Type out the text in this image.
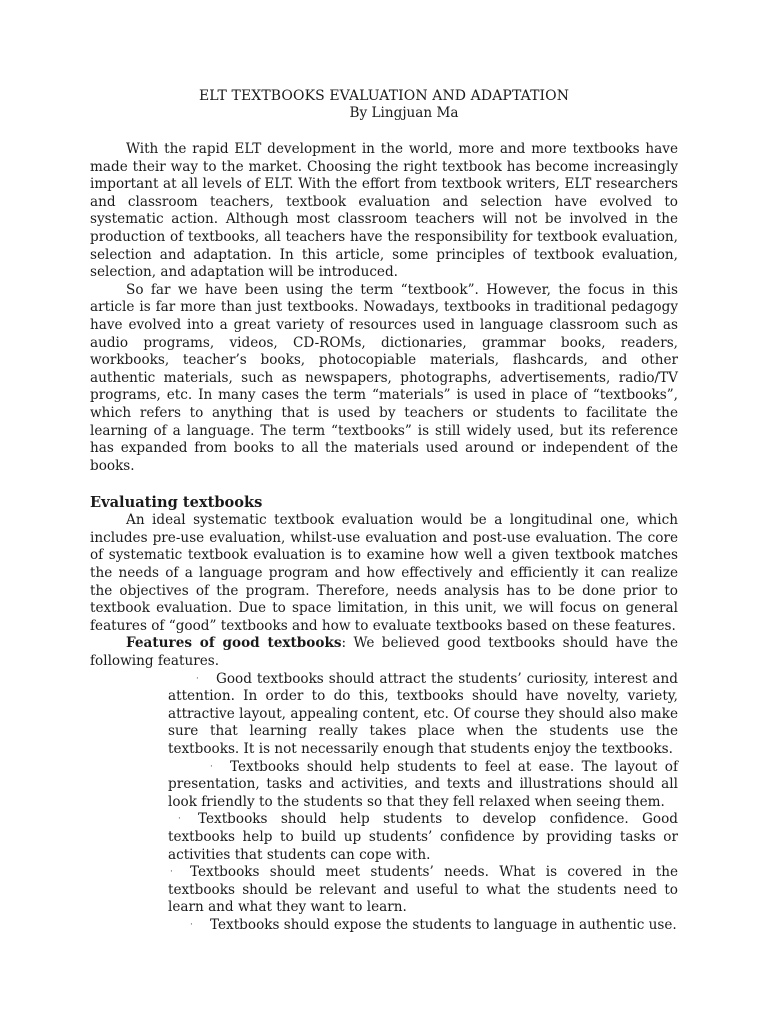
ELT TEXTBOOKS EVALUATION AND ADAPTATION

By Lingjuan Ma

With the rapid ELT development in the world, more and more textbooks have made their way to the market. Choosing the right textbook has become increasingly important at all levels of ELT. With the effort from textbook writers, ELT researchers and classroom teachers, textbook evaluation and selection have evolved to systematic action. Although most classroom teachers will not be involved in the production of textbooks, all teachers have the responsibility for textbook evaluation, selection and adaptation. In this article, some principles of textbook evaluation, selection, and adaptation will be introduced.

So far we have been using the term “textbook”. However, the focus in this article is far more than just textbooks. Nowadays, textbooks in traditional pedagogy have evolved into a great variety of resources used in language classroom such as audio programs, videos, CD-ROMs, dictionaries, grammar books, readers, workbooks, teacher’s books, photocopiable materials, flashcards, and other authentic materials, such as newspapers, photographs, advertisements, radio/TV programs, etc. In many cases the term “materials” is used in place of “textbooks”, which refers to anything that is used by teachers or students to facilitate the learning of a language. The term “textbooks” is still widely used, but its reference has expanded from books to all the materials used around or independent of the books.

Evaluating textbooks

An ideal systematic textbook evaluation would be a longitudinal one, which includes pre-use evaluation, whilst-use evaluation and post-use evaluation. The core of systematic textbook evaluation is to examine how well a given textbook matches the needs of a language program and how effectively and efficiently it can realize the objectives of the program. Therefore, needs analysis has to be done prior to textbook evaluation. Due to space limitation, in this unit, we will focus on general features of “good” textbooks and how to evaluate textbooks based on these features.

Features of good textbooks: We believed good textbooks should have the following features.

· Good textbooks should attract the students’ curiosity, interest and attention. In order to do this, textbooks should have novelty, variety, attractive layout, appealing content, etc. Of course they should also make sure that learning really takes place when the students use the textbooks. It is not necessarily enough that students enjoy the textbooks.

· Textbooks should help students to feel at ease. The layout of presentation, tasks and activities, and texts and illustrations should all look friendly to the students so that they fell relaxed when seeing them.

· Textbooks should help students to develop confidence. Good textbooks help to build up students’ confidence by providing tasks or activities that students can cope with.

· Textbooks should meet students’ needs. What is covered in the textbooks should be relevant and useful to what the students need to learn and what they want to learn.

· Textbooks should expose the students to language in authentic use.
